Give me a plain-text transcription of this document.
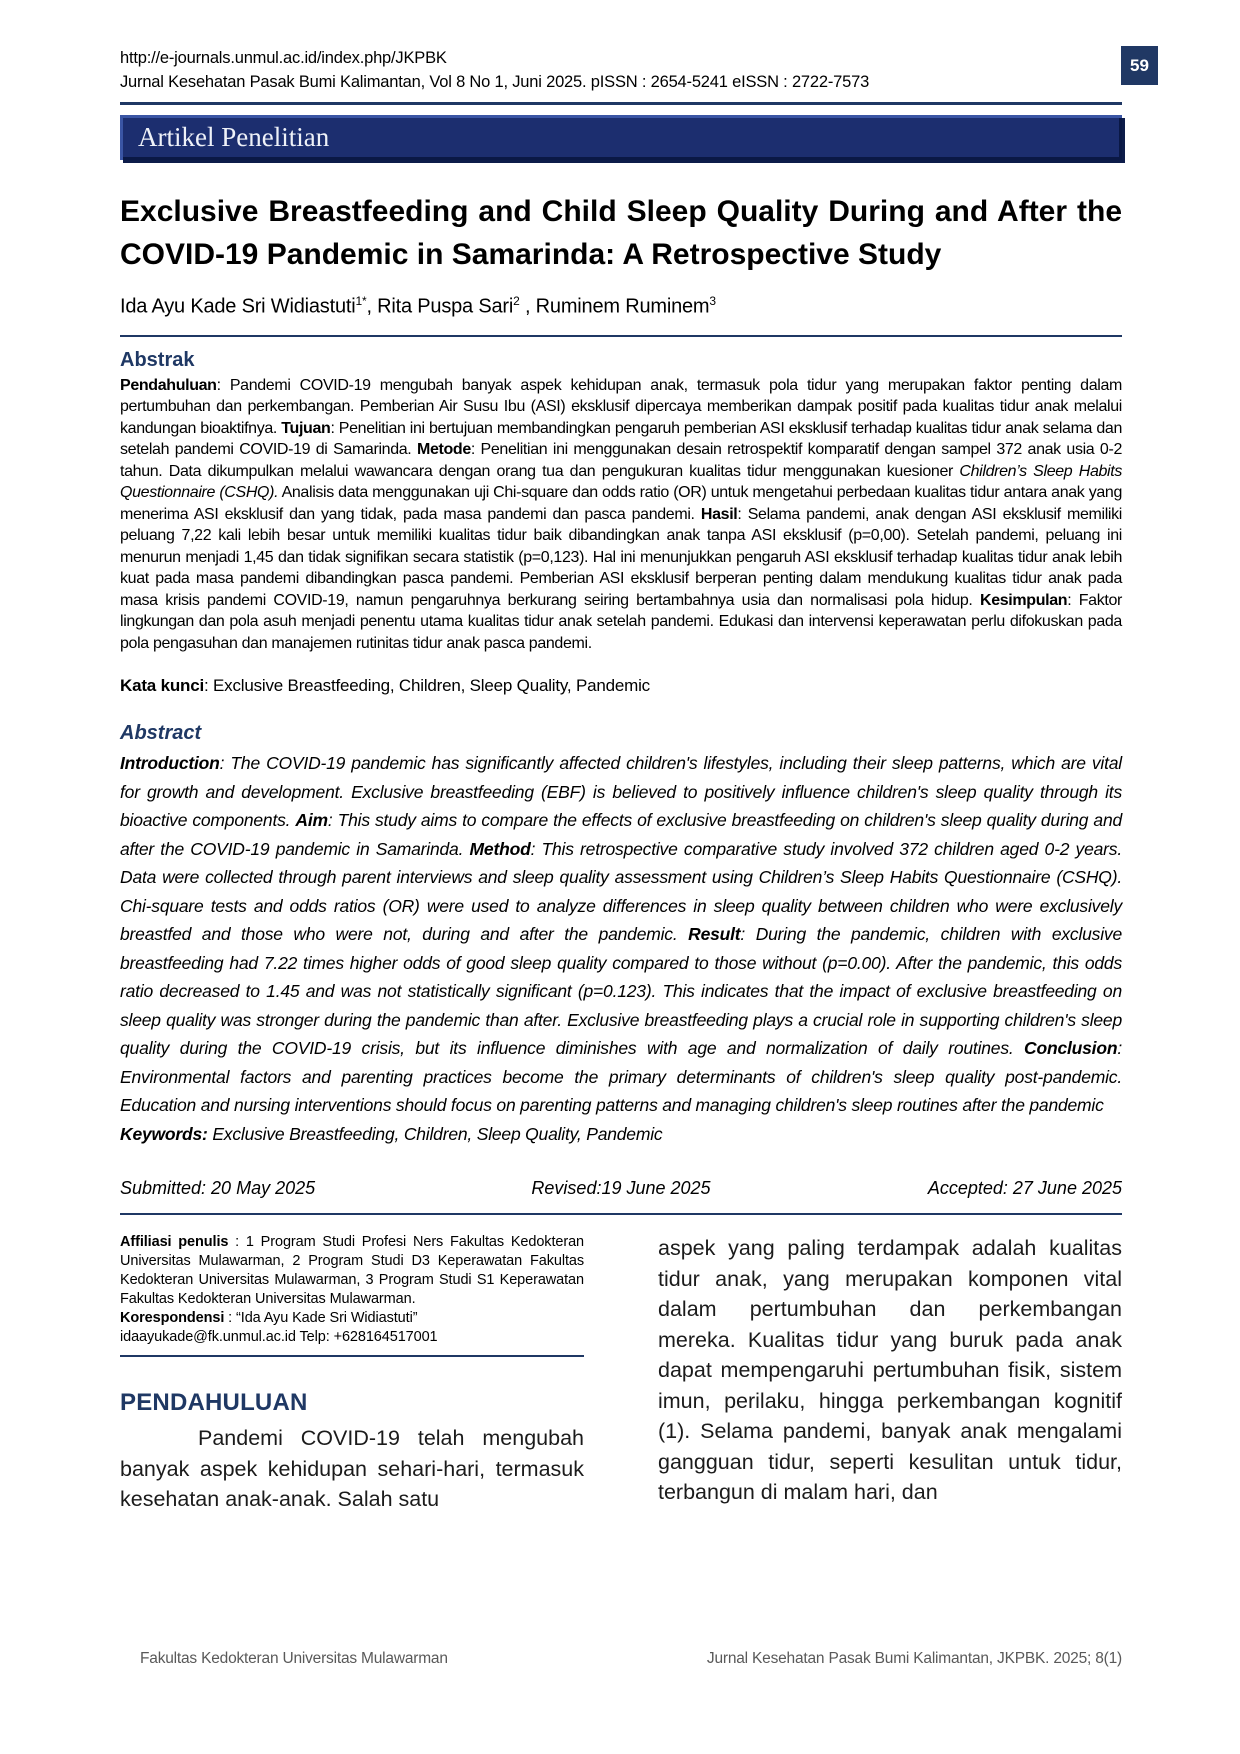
59
http://e-journals.unmul.ac.id/index.php/JKPBK
Jurnal Kesehatan Pasak Bumi Kalimantan, Vol 8 No 1, Juni 2025. pISSN : 2654-5241 eISSN : 2722-7573
Artikel Penelitian
Exclusive Breastfeeding and Child Sleep Quality During and After the COVID-19 Pandemic in Samarinda: A Retrospective Study

Ida Ayu Kade Sri Widiastuti$^{1*}$, Rita Puspa Sari$^2$ , Ruminem Ruminem$^3$

Abstrak

Pendahuluan: Pandemi COVID-19 mengubah banyak aspek kehidupan anak, termasuk pola tidur yang merupakan faktor penting dalam pertumbuhan dan perkembangan. Pemberian Air Susu Ibu (ASI) eksklusif dipercaya memberikan dampak positif pada kualitas tidur anak melalui kandungan bioaktifnya. Tujuan: Penelitian ini bertujuan membandingkan pengaruh pemberian ASI eksklusif terhadap kualitas tidur anak selama dan setelah pandemi COVID-19 di Samarinda. Metode: Penelitian ini menggunakan desain retrospektif komparatif dengan sampel 372 anak usia 0-2 tahun. Data dikumpulkan melalui wawancara dengan orang tua dan pengukuran kualitas tidur menggunakan kuesioner Children’s Sleep Habits Questionnaire (CSHQ). Analisis data menggunakan uji Chi-square dan odds ratio (OR) untuk mengetahui perbedaan kualitas tidur antara anak yang menerima ASI eksklusif dan yang tidak, pada masa pandemi dan pasca pandemi. Hasil: Selama pandemi, anak dengan ASI eksklusif memiliki peluang 7,22 kali lebih besar untuk memiliki kualitas tidur baik dibandingkan anak tanpa ASI eksklusif (p=0,00). Setelah pandemi, peluang ini menurun menjadi 1,45 dan tidak signifikan secara statistik (p=0,123). Hal ini menunjukkan pengaruh ASI eksklusif terhadap kualitas tidur anak lebih kuat pada masa pandemi dibandingkan pasca pandemi. Pemberian ASI eksklusif berperan penting dalam mendukung kualitas tidur anak pada masa krisis pandemi COVID-19, namun pengaruhnya berkurang seiring bertambahnya usia dan normalisasi pola hidup. Kesimpulan: Faktor lingkungan dan pola asuh menjadi penentu utama kualitas tidur anak setelah pandemi. Edukasi dan intervensi keperawatan perlu difokuskan pada pola pengasuhan dan manajemen rutinitas tidur anak pasca pandemi.

Kata kunci: Exclusive Breastfeeding, Children, Sleep Quality, Pandemic

Abstract

Introduction: The COVID-19 pandemic has significantly affected children's lifestyles, including their sleep patterns, which are vital for growth and development. Exclusive breastfeeding (EBF) is believed to positively influence children's sleep quality through its bioactive components. Aim: This study aims to compare the effects of exclusive breastfeeding on children's sleep quality during and after the COVID-19 pandemic in Samarinda. Method: This retrospective comparative study involved 372 children aged 0-2 years. Data were collected through parent interviews and sleep quality assessment using Children’s Sleep Habits Questionnaire (CSHQ). Chi-square tests and odds ratios (OR) were used to analyze differences in sleep quality between children who were exclusively breastfed and those who were not, during and after the pandemic. Result: During the pandemic, children with exclusive breastfeeding had 7.22 times higher odds of good sleep quality compared to those without (p=0.00). After the pandemic, this odds ratio decreased to 1.45 and was not statistically significant (p=0.123). This indicates that the impact of exclusive breastfeeding on sleep quality was stronger during the pandemic than after. Exclusive breastfeeding plays a crucial role in supporting children's sleep quality during the COVID-19 crisis, but its influence diminishes with age and normalization of daily routines. Conclusion: Environmental factors and parenting practices become the primary determinants of children's sleep quality post-pandemic. Education and nursing interventions should focus on parenting patterns and managing children's sleep routines after the pandemic

Keywords: Exclusive Breastfeeding, Children, Sleep Quality, Pandemic

Submitted: 20 May 2025	Revised:19 June 2025	Accepted: 27 June 2025

Affiliasi penulis : 1 Program Studi Profesi Ners Fakultas Kedokteran Universitas Mulawarman, 2 Program Studi D3 Keperawatan Fakultas Kedokteran Universitas Mulawarman, 3 Program Studi S1 Keperawatan Fakultas Kedokteran Universitas Mulawarman.

Korespondensi : “Ida Ayu Kade Sri Widiastuti”
idaayukade@fk.unmul.ac.id Telp: +628164517001

PENDAHULUAN

Pandemi COVID-19 telah mengubah banyak aspek kehidupan sehari-hari, termasuk kesehatan anak-anak. Salah satu

aspek yang paling terdampak adalah kualitas tidur anak, yang merupakan komponen vital dalam pertumbuhan dan perkembangan mereka. Kualitas tidur yang buruk pada anak dapat mempengaruhi pertumbuhan fisik, sistem imun, perilaku, hingga perkembangan kognitif (1). Selama pandemi, banyak anak mengalami gangguan tidur, seperti kesulitan untuk tidur, terbangun di malam hari, dan

Fakultas Kedokteran Universitas Mulawarman	Jurnal Kesehatan Pasak Bumi Kalimantan, JKPBK. 2025; 8(1)
